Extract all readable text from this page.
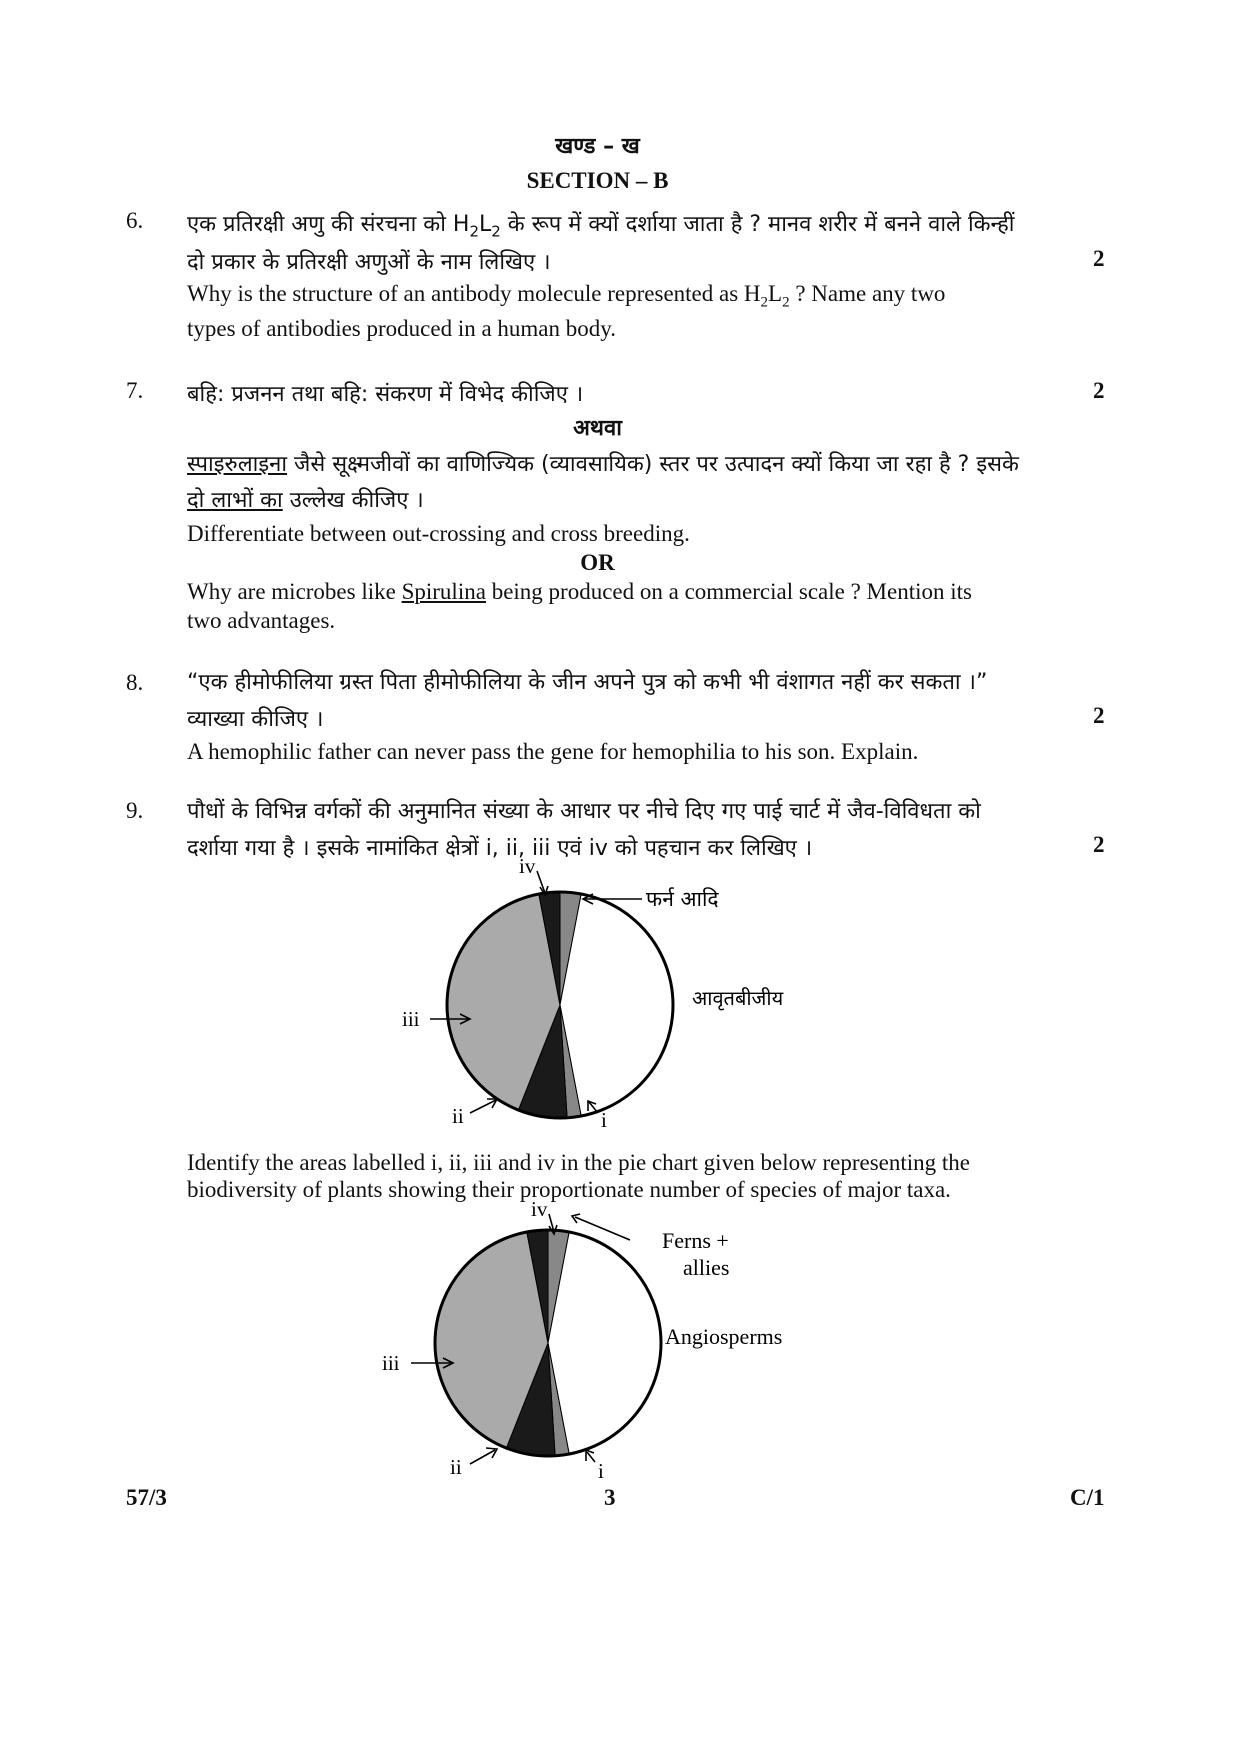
खण्ड – ख
SECTION – B
6. एक प्रतिरक्षी अणु की संरचना को $H_2L_2$ के रूप में क्यों दर्शाया जाता है ? मानव शरीर में बनने वाले किन्हीं
दो प्रकार के प्रतिरक्षी अणुओं के नाम लिखिए ।	2
Why is the structure of an antibody molecule represented as $H_2L_2$ ? Name any two
types of antibodies produced in a human body.
7. बहि: प्रजनन तथा बहि: संकरण में विभेद कीजिए ।	2
अथवा
स्पाइरुलाइना जैसे सूक्ष्मजीवों का वाणिज्यिक (व्यावसायिक) स्तर पर उत्पादन क्यों किया जा रहा है ? इसके
दो लाभों का उल्लेख कीजिए ।
Differentiate between out-crossing and cross breeding.
OR
Why are microbes like Spirulina being produced on a commercial scale ? Mention its
two advantages.
8. “एक हीमोफीलिया ग्रस्त पिता हीमोफीलिया के जीन अपने पुत्र को कभी भी वंशागत नहीं कर सकता ।”
व्याख्या कीजिए ।	2
A hemophilic father can never pass the gene for hemophilia to his son. Explain.
9. पौधों के विभिन्न वर्गकों की अनुमानित संख्या के आधार पर नीचे दिए गए पाई चार्ट में जैव-विविधता को
दर्शाया गया है । इसके नामांकित क्षेत्रों i, ii, iii एवं iv को पहचान कर लिखिए ।	2
iv
फर्न आदि
आवृतबीजीय
iii
ii	i
Identify the areas labelled i, ii, iii and iv in the pie chart given below representing the
biodiversity of plants showing their proportionate number of species of major taxa.
iv
Ferns +
allies
Angiosperms
iii
ii	i
57/3	3	C/1
